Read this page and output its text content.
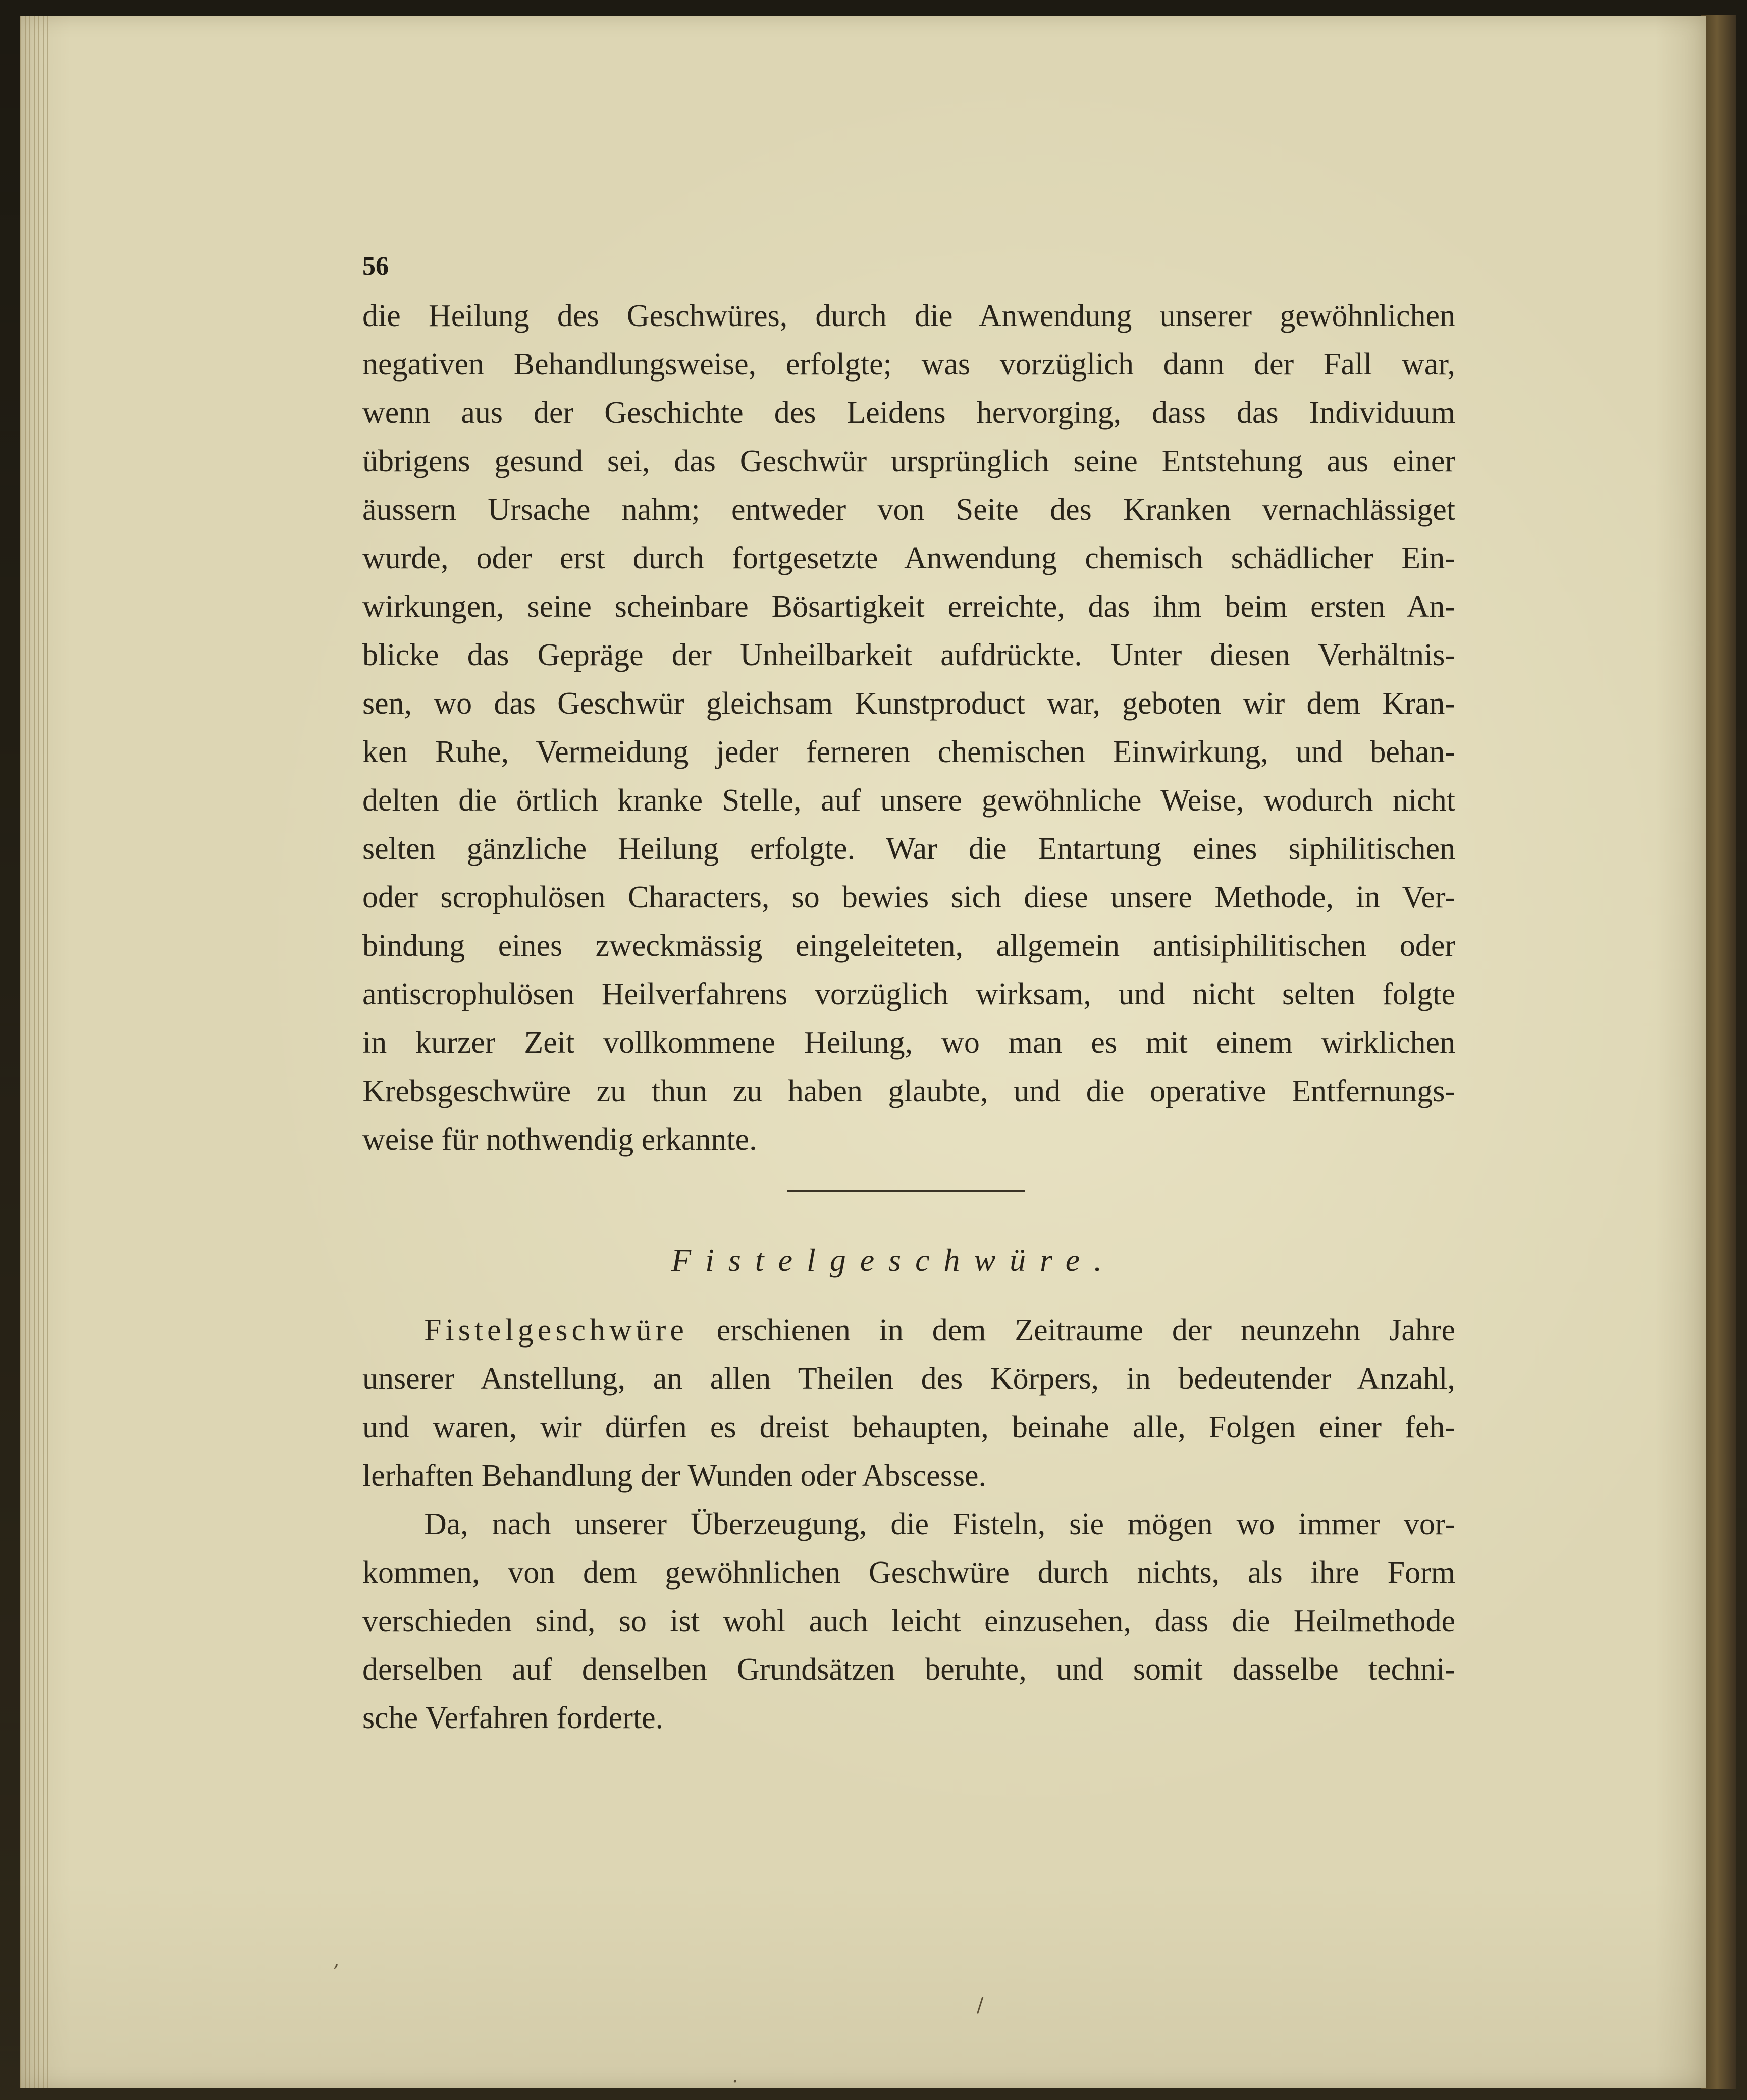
56
die Heilung des Geschwüres, durch die Anwendung unserer gewöhnlichen
negativen Behandlungsweise, erfolgte; was vorzüglich dann der Fall war,
wenn aus der Geschichte des Leidens hervorging, dass das Individuum
übrigens gesund sei, das Geschwür ursprünglich seine Entstehung aus einer
äussern Ursache nahm; entweder von Seite des Kranken vernachlässiget
wurde, oder erst durch fortgesetzte Anwendung chemisch schädlicher Ein-
wirkungen, seine scheinbare Bösartigkeit erreichte, das ihm beim ersten An-
blicke das Gepräge der Unheilbarkeit aufdrückte. Unter diesen Verhältnis-
sen, wo das Geschwür gleichsam Kunstproduct war, geboten wir dem Kran-
ken Ruhe, Vermeidung jeder ferneren chemischen Einwirkung, und behan-
delten die örtlich kranke Stelle, auf unsere gewöhnliche Weise, wodurch nicht
selten gänzliche Heilung erfolgte. War die Entartung eines siphilitischen
oder scrophulösen Characters, so bewies sich diese unsere Methode, in Ver-
bindung eines zweckmässig eingeleiteten, allgemein antisiphilitischen oder
antiscrophulösen Heilverfahrens vorzüglich wirksam, und nicht selten folgte
in kurzer Zeit vollkommene Heilung, wo man es mit einem wirklichen
Krebsgeschwüre zu thun zu haben glaubte, und die operative Entfernungs-
weise für nothwendig erkannte.
Fistelgeschwüre.
Fistelgeschwüre erschienen in dem Zeitraume der neunzehn Jahre
unserer Anstellung, an allen Theilen des Körpers, in bedeutender Anzahl,
und waren, wir dürfen es dreist behaupten, beinahe alle, Folgen einer feh-
lerhaften Behandlung der Wunden oder Abscesse.
Da, nach unserer Überzeugung, die Fisteln, sie mögen wo immer vor-
kommen, von dem gewöhnlichen Geschwüre durch nichts, als ihre Form
verschieden sind, so ist wohl auch leicht einzusehen, dass die Heilmethode
derselben auf denselben Grundsätzen beruhte, und somit dasselbe techni-
sche Verfahren forderte.
,
/
.
